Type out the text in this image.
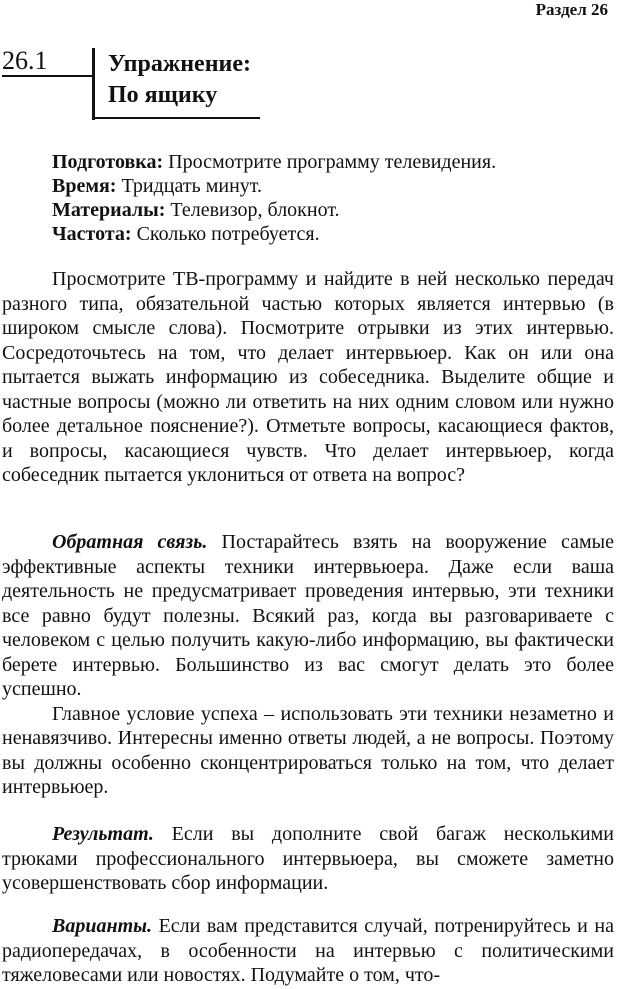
Раздел 26
26.1	Упражнение:
По ящику
Подготовка: Просмотрите программу телевидения.
Время: Тридцать минут.
Материалы: Телевизор, блокнот.
Частота: Сколько потребуется.

Просмотрите ТВ-программу и найдите в ней несколько передач разного типа, обязательной частью которых является интервью (в широком смысле слова). Посмотрите отрывки из этих интервью. Сосредоточьтесь на том, что делает интервьюер. Как он или она пытается выжать информацию из собеседника. Выделите общие и частные вопросы (можно ли ответить на них одним словом или нужно более детальное пояснение?). Отметьте вопросы, касающиеся фактов, и вопросы, касающиеся чувств. Что делает интервьюер, когда собеседник пытается уклониться от ответа на вопрос?

Обратная связь. Постарайтесь взять на вооружение самые эффективные аспекты техники интервьюера. Даже если ваша деятельность не предусматривает проведения интервью, эти техники все равно будут полезны. Всякий раз, когда вы разговариваете с человеком с целью получить какую-либо информацию, вы фактически берете интервью. Большинство из вас смогут делать это более успешно.

Главное условие успеха – использовать эти техники незаметно и ненавязчиво. Интересны именно ответы людей, а не вопросы. Поэтому вы должны особенно сконцентрироваться только на том, что делает интервьюер.

Результат. Если вы дополните свой багаж несколькими трюками профессионального интервьюера, вы сможете заметно усовершенствовать сбор информации.

Варианты. Если вам представится случай, потренируйтесь и на радиопередачах, в особенности на интервью с политическими тяжеловесами или новостях. Подумайте о том, что-
